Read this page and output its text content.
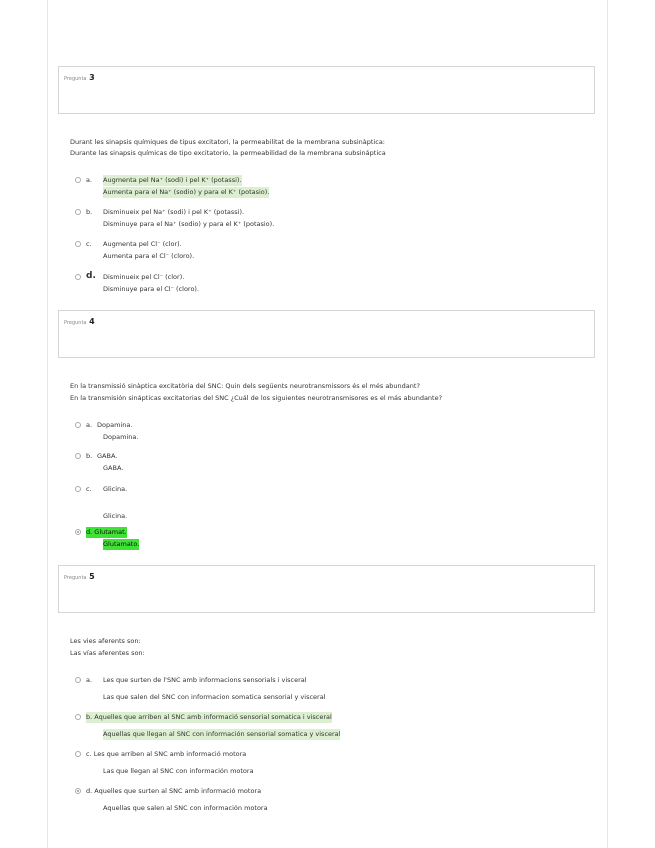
Pregunta 3
Durant les sinapsis químiques de tipus excitatori, la permeabilitat de la membrana subsinàptica:
Durante las sinapsis químicas de tipo excitatorio, la permeabilidad de la membrana subsináptica
a. Augmenta pel Na⁺ (sodi) i pel K⁺ (potassi).
Aumenta para el Na⁺ (sodio) y para el K⁺ (potasio).
b. Disminueix pel Na⁺ (sodi) i pel K⁺ (potassi).
Disminuye para el Na⁺ (sodio) y para el K⁺ (potasio).
c. Augmenta pel Cl⁻ (clor).
Aumenta para el Cl⁻ (cloro).
d. Disminueix pel Cl⁻ (clor).
Disminuye para el Cl⁻ (cloro).
Pregunta 4
En la transmissió sinàptica excitatòria del SNC: Quin dels següents neurotransmissors és el més abundant?
En la transmisión sinápticas excitatorias del SNC ¿Cuál de los siguientes neurotransmisores es el más abundante?
a. Dopamina.
Dopamina.
b. GABA.
GABA.
c. Glicina.
Glicina.
d. Glutamat.
Glutamato.
Pregunta 5
Les vies aferents son:
Las vías aferentes son:
a. Les que surten de l'SNC amb informacions sensorials i visceral
Las que salen del SNC con informacion somatica sensorial y visceral
b. Aquelles que arriben al SNC amb informació sensorial somatica i visceral
Aquellas que llegan al SNC con información sensorial somatica y visceral
c. Les que arriben al SNC amb informació motora
Las que llegan al SNC con información motora
d. Aquelles que surten al SNC amb informació motora
Aquellas que salen al SNC con información motora
